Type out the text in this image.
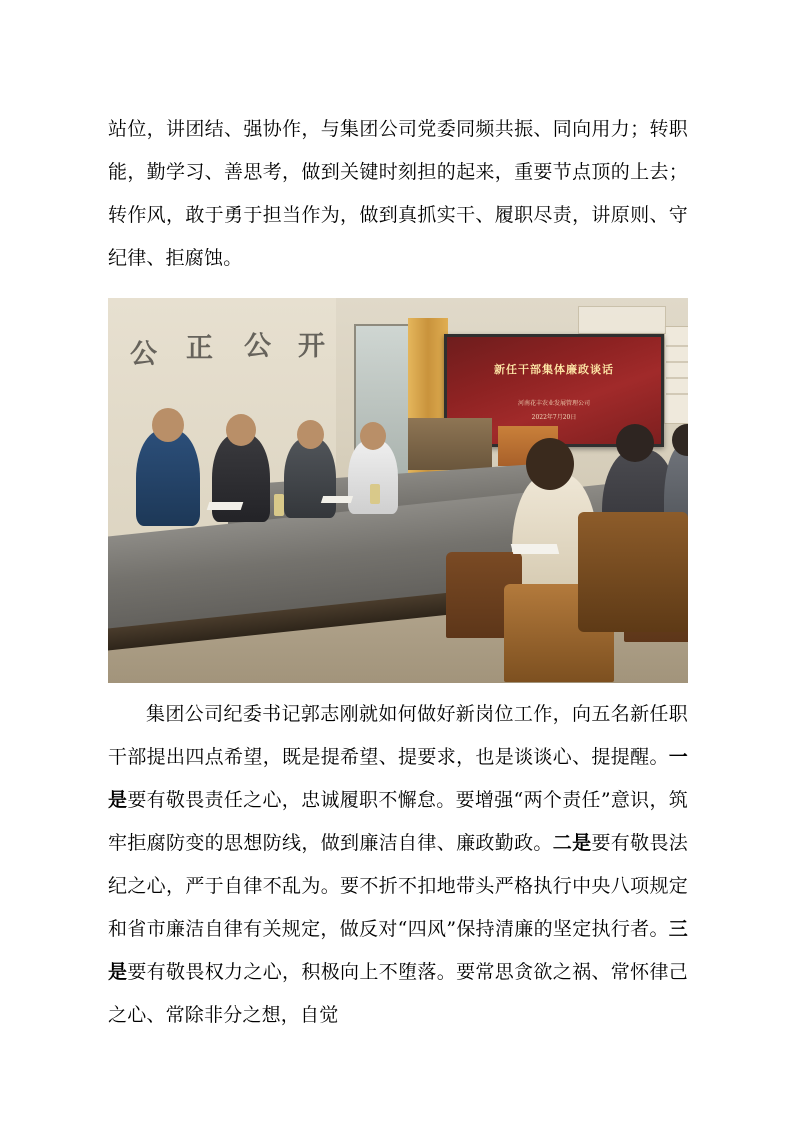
站位，讲团结、强协作，与集团公司党委同频共振、同向用力；转职能，勤学习、善思考，做到关键时刻担的起来，重要节点顶的上去；转作风，敢于勇于担当作为，做到真抓实干、履职尽责，讲原则、守纪律、拒腐蚀。

公 正 公 开
新任干部集体廉政谈话
河南花丰农业发展管理公司
2022年7月20日

集团公司纪委书记郭志刚就如何做好新岗位工作，向五名新任职干部提出四点希望，既是提希望、提要求，也是谈谈心、提提醒。一是要有敬畏责任之心，忠诚履职不懈怠。要增强“两个责任”意识，筑牢拒腐防变的思想防线，做到廉洁自律、廉政勤政。二是要有敬畏法纪之心，严于自律不乱为。要不折不扣地带头严格执行中央八项规定和省市廉洁自律有关规定，做反对“四风”保持清廉的坚定执行者。三是要有敬畏权力之心，积极向上不堕落。要常思贪欲之祸、常怀律己之心、常除非分之想，自觉
